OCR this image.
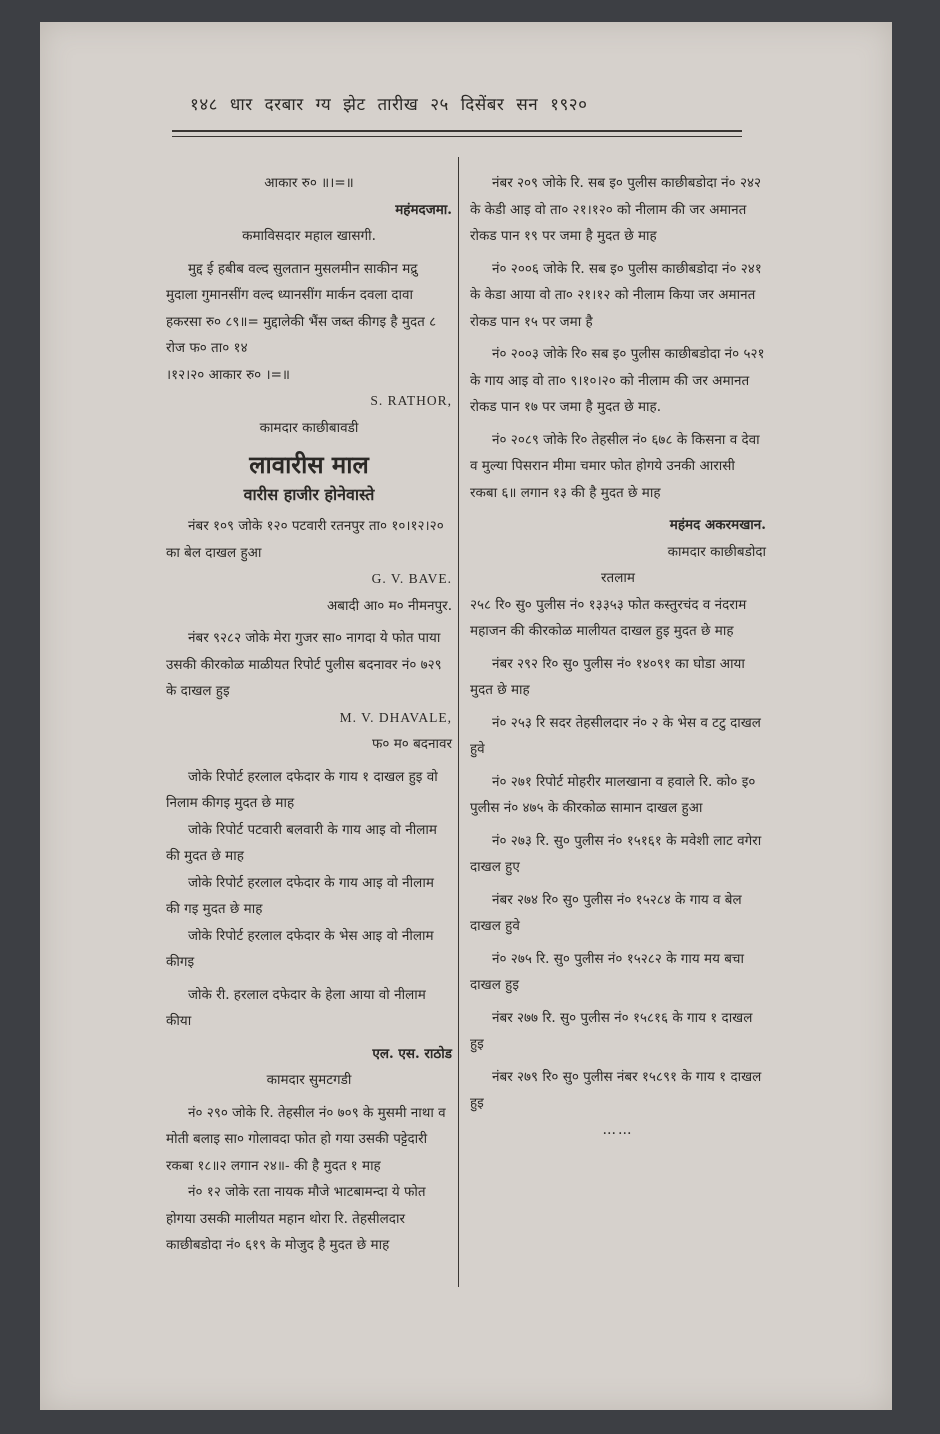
१४८ धार दरबार ग्य झेट तारीख २५ दिसेंबर सन १९२०

आकार रु० ॥।=॥

महंमदजमा.

कमाविसदार महाल खासगी.

मुद्द ई हबीब वल्द सुलतान मुसलमीन साकीन मद्रु मुदाला गुमानसींग वल्द ध्यानसींग मार्कन दवला दावा हकरसा रु० ८९॥= मुद्दालेकी भैंस जब्त कीगइ है मुदत ८ रोज फ० ता० १४

।१२।२० आकार रु० ।=॥

S. RATHOR,

कामदार काछीबावडी

लावारीस माल

वारीस हाजीर होनेवास्ते

नंबर १०९ जोके १२० पटवारी रतनपुर ता० १०।१२।२० का बेल दाखल हुआ

G. V. BAVE.

अबादी आ० म० नीमनपुर.

नंबर ९२८२ जोके मेरा गुजर सा० नागदा ये फोत पाया उसकी कीरकोळ माळीयत रिपोर्ट पुलीस बदनावर नं० ७२९ के दाखल हुइ

M. V. DHAVALE,

फ० म० बदनावर

जोके रिपोर्ट हरलाल दफेदार के गाय १ दाखल हुइ वो निलाम कीगइ मुदत छे माह

जोके रिपोर्ट पटवारी बलवारी के गाय आइ वो नीलाम की मुदत छे माह

जोके रिपोर्ट हरलाल दफेदार के गाय आइ वो नीलाम की गइ मुदत छे माह

जोके रिपोर्ट हरलाल दफेदार के भेस आइ वो नीलाम कीगइ

जोके री. हरलाल दफेदार के हेला आया वो नीलाम कीया

एल. एस. राठोड

कामदार सुमटगडी

नं० २९० जोके रि. तेहसील नं० ७०९ के मुसमी नाथा व मोती बलाइ सा० गोलावदा फोत हो गया उसकी पट्टेदारी रकबा १८॥२ लगान २४॥- की है मुदत १ माह

नं० १२ जोके रता नायक मौजे भाटबामन्दा ये फोत होगया उसकी मालीयत महान थोरा रि. तेहसीलदार काछीबडोदा नं० ६१९ के मोजुद है मुदत छे माह

नंबर २०९ जोके रि. सब इ० पुलीस काछीबडोदा नं० २४२ के केडी आइ वो ता० २१।१२० को नीलाम की जर अमानत रोकड पान १९ पर जमा है मुदत छे माह

नं० २००६ जोके रि. सब इ० पुलीस काछीबडोदा नं० २४१ के केडा आया वो ता० २१।१२ को नीलाम किया जर अमानत रोकड पान १५ पर जमा है

नं० २००३ जोके रि० सब इ० पुलीस काछीबडोदा नं० ५२१ के गाय आइ वो ता० ९।१०।२० को नीलाम की जर अमानत रोकड पान १७ पर जमा है मुदत छे माह.

नं० २०८९ जोके रि० तेहसील नं० ६७८ के किसना व देवा व मुल्या पिसरान मीमा चमार फोत होगये उनकी आरासी रकबा ६॥ लगान १३ की है मुदत छे माह

महंमद अकरमखान.

कामदार काछीबडोदा

रतलाम

२५८ रि० सु० पुलीस नं० १३३५३ फोत कस्तुरचंद व नंदराम महाजन की कीरकोळ मालीयत दाखल हुइ मुदत छे माह

नंबर २९२ रि० सु० पुलीस नं० १४०९१ का घोडा आया मुदत छे माह

नं० २५३ रि सदर तेहसीलदार नं० २ के भेस व टटु दाखल हुवे

नं० २७१ रिपोर्ट मोहरीर मालखाना व हवाले रि. को० इ० पुलीस नं० ४७५ के कीरकोळ सामान दाखल हुआ

नं० २७३ रि. सु० पुलीस नं० १५१६१ के मवेशी लाट वगेरा दाखल हुए

नंबर २७४ रि० सु० पुलीस नं० १५२८४ के गाय व बेल दाखल हुवे

नं० २७५ रि. सु० पुलीस नं० १५२८२ के गाय मय बचा दाखल हुइ

नंबर २७७ रि. सु० पुलीस नं० १५८१६ के गाय १ दाखल हुइ

नंबर २७९ रि० सु० पुलीस नंबर १५८९१ के गाय १ दाखल हुइ

……
